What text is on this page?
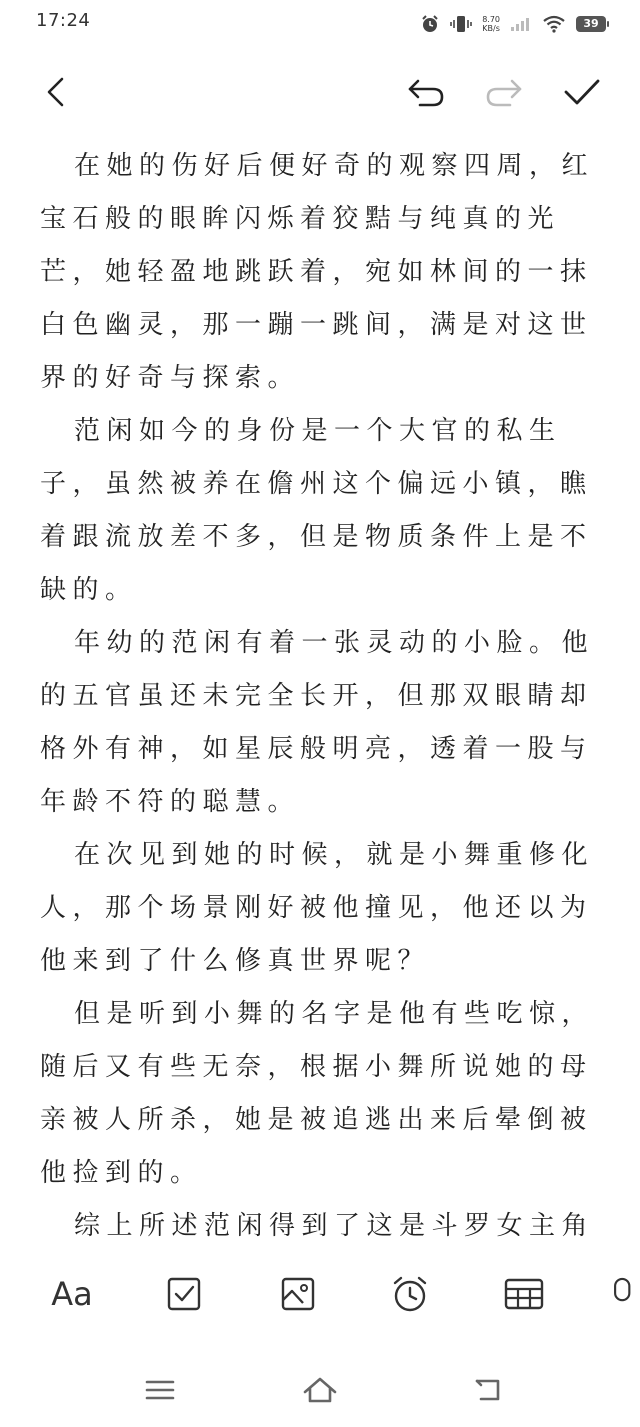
17:24	8.70
KB/s	39

在她的伤好后便好奇的观察四周，红宝石般的眼眸闪烁着狡黠与纯真的光芒，她轻盈地跳跃着，宛如林间的一抹白色幽灵，那一蹦一跳间，满是对这世界的好奇与探索。

范闲如今的身份是一个大官的私生子，虽然被养在儋州这个偏远小镇，瞧着跟流放差不多，但是物质条件上是不缺的。

年幼的范闲有着一张灵动的小脸。他的五官虽还未完全长开，但那双眼睛却格外有神，如星辰般明亮，透着一股与年龄不符的聪慧。

在次见到她的时候，就是小舞重修化人，那个场景刚好被他撞见，他还以为他来到了什么修真世界呢？

但是听到小舞的名字是他有些吃惊，随后又有些无奈，根据小舞所说她的母亲被人所杀，她是被追逃出来后晕倒被他捡到的。

综上所述范闲得到了这是斗罗女主角

Aa
